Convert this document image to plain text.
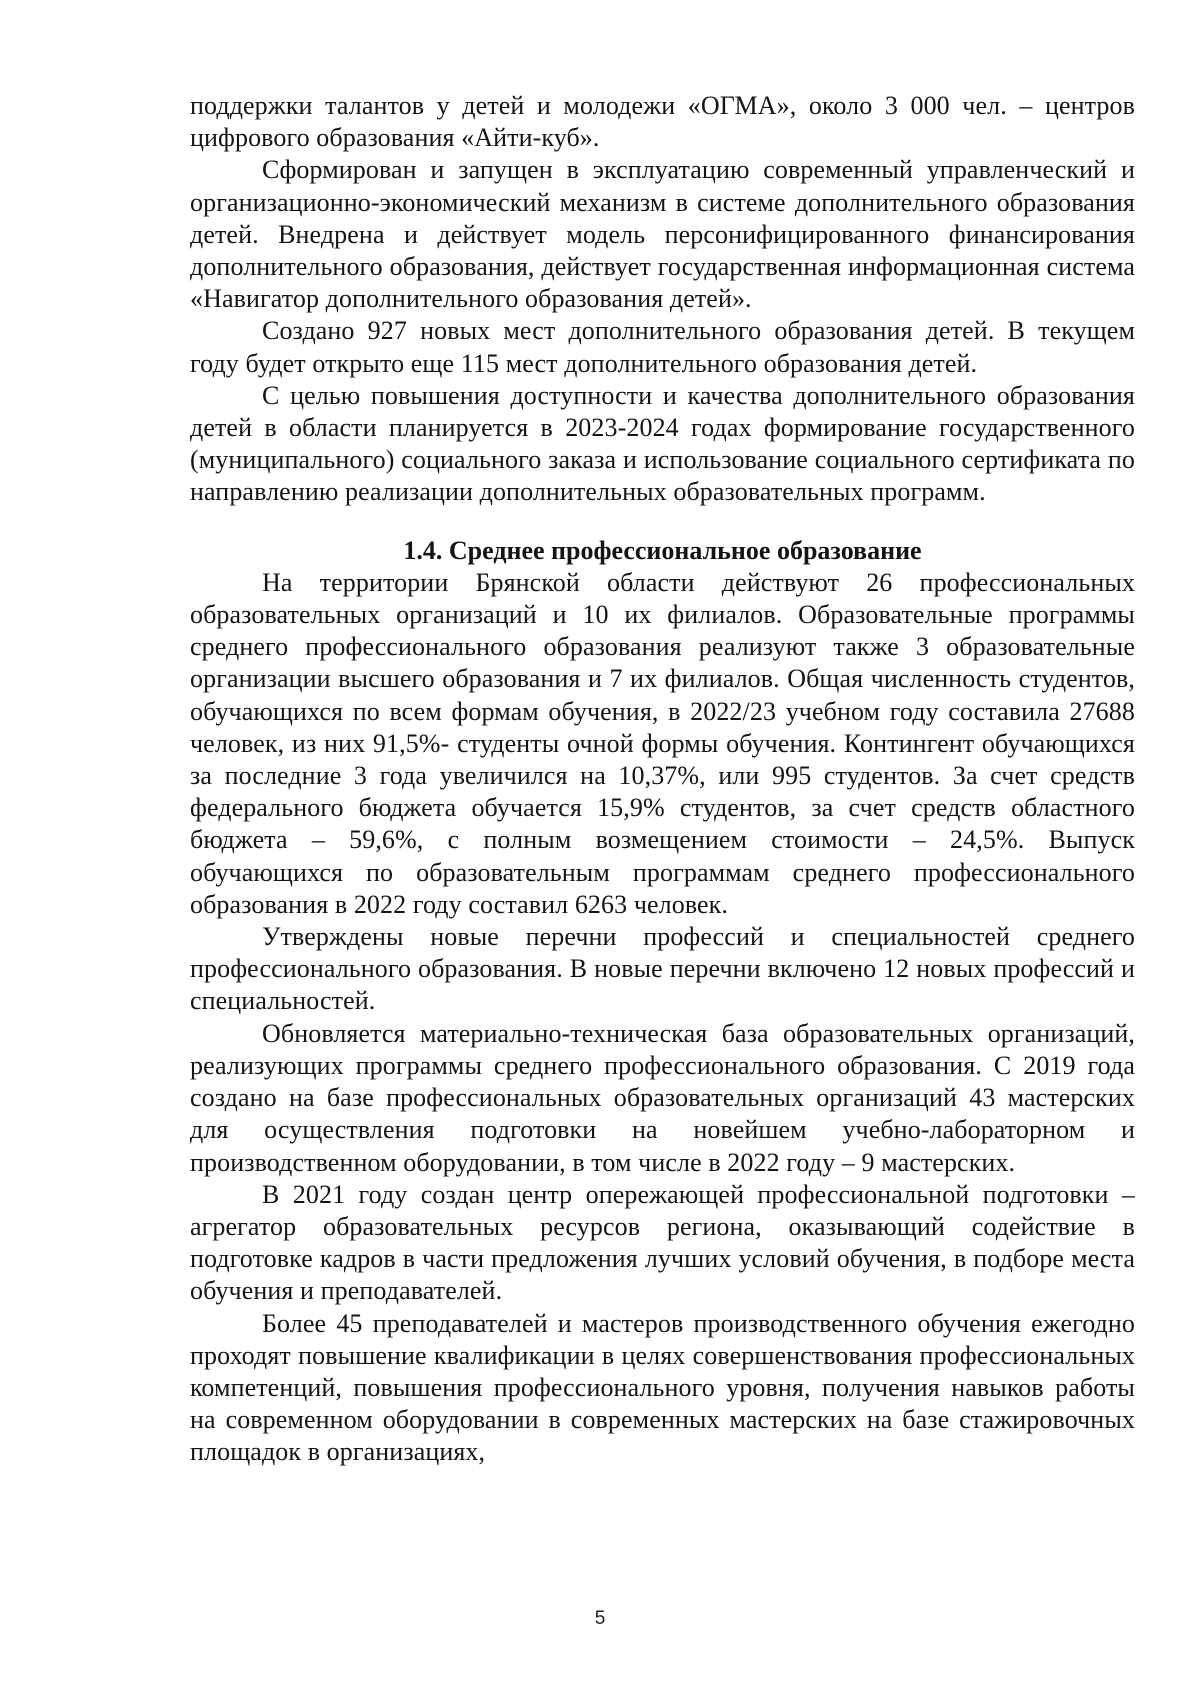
поддержки талантов у детей и молодежи «ОГМА», около 3 000 чел. – центров цифрового образования «Айти-куб».

Сформирован и запущен в эксплуатацию современный управленческий и организационно-экономический механизм в системе дополнительного образования детей. Внедрена и действует модель персонифицированного финансирования дополнительного образования, действует государственная информационная система «Навигатор дополнительного образования детей».

Создано 927 новых мест дополнительного образования детей. В текущем году будет открыто еще 115 мест дополнительного образования детей.

С целью повышения доступности и качества дополнительного образования детей в области планируется в 2023-2024 годах формирование государственного (муниципального) социального заказа и использование социального сертификата по направлению реализации дополнительных образовательных программ.

1.4. Среднее профессиональное образование

На территории Брянской области действуют 26 профессиональных образовательных организаций и 10 их филиалов. Образовательные программы среднего профессионального образования реализуют также 3 образовательные организации высшего образования и 7 их филиалов. Общая численность студентов, обучающихся по всем формам обучения, в 2022/23 учебном году составила 27688 человек, из них 91,5%- студенты очной формы обучения. Контингент обучающихся за последние 3 года увеличился на 10,37%, или 995 студентов. За счет средств федерального бюджета обучается 15,9% студентов, за счет средств областного бюджета – 59,6%, с полным возмещением стоимости – 24,5%. Выпуск обучающихся по образовательным программам среднего профессионального образования в 2022 году составил 6263 человек.

Утверждены новые перечни профессий и специальностей среднего профессионального образования. В новые перечни включено 12 новых профессий и специальностей.

Обновляется материально-техническая база образовательных организаций, реализующих программы среднего профессионального образования. С 2019 года создано на базе профессиональных образовательных организаций 43 мастерских для осуществления подготовки на новейшем учебно-лабораторном и производственном оборудовании, в том числе в 2022 году – 9 мастерских.

В 2021 году создан центр опережающей профессиональной подготовки – агрегатор образовательных ресурсов региона, оказывающий содействие в подготовке кадров в части предложения лучших условий обучения, в подборе места обучения и преподавателей.

Более 45 преподавателей и мастеров производственного обучения ежегодно проходят повышение квалификации в целях совершенствования профессиональных компетенций, повышения профессионального уровня, получения навыков работы на современном оборудовании в современных мастерских на базе стажировочных площадок в организациях,

5
